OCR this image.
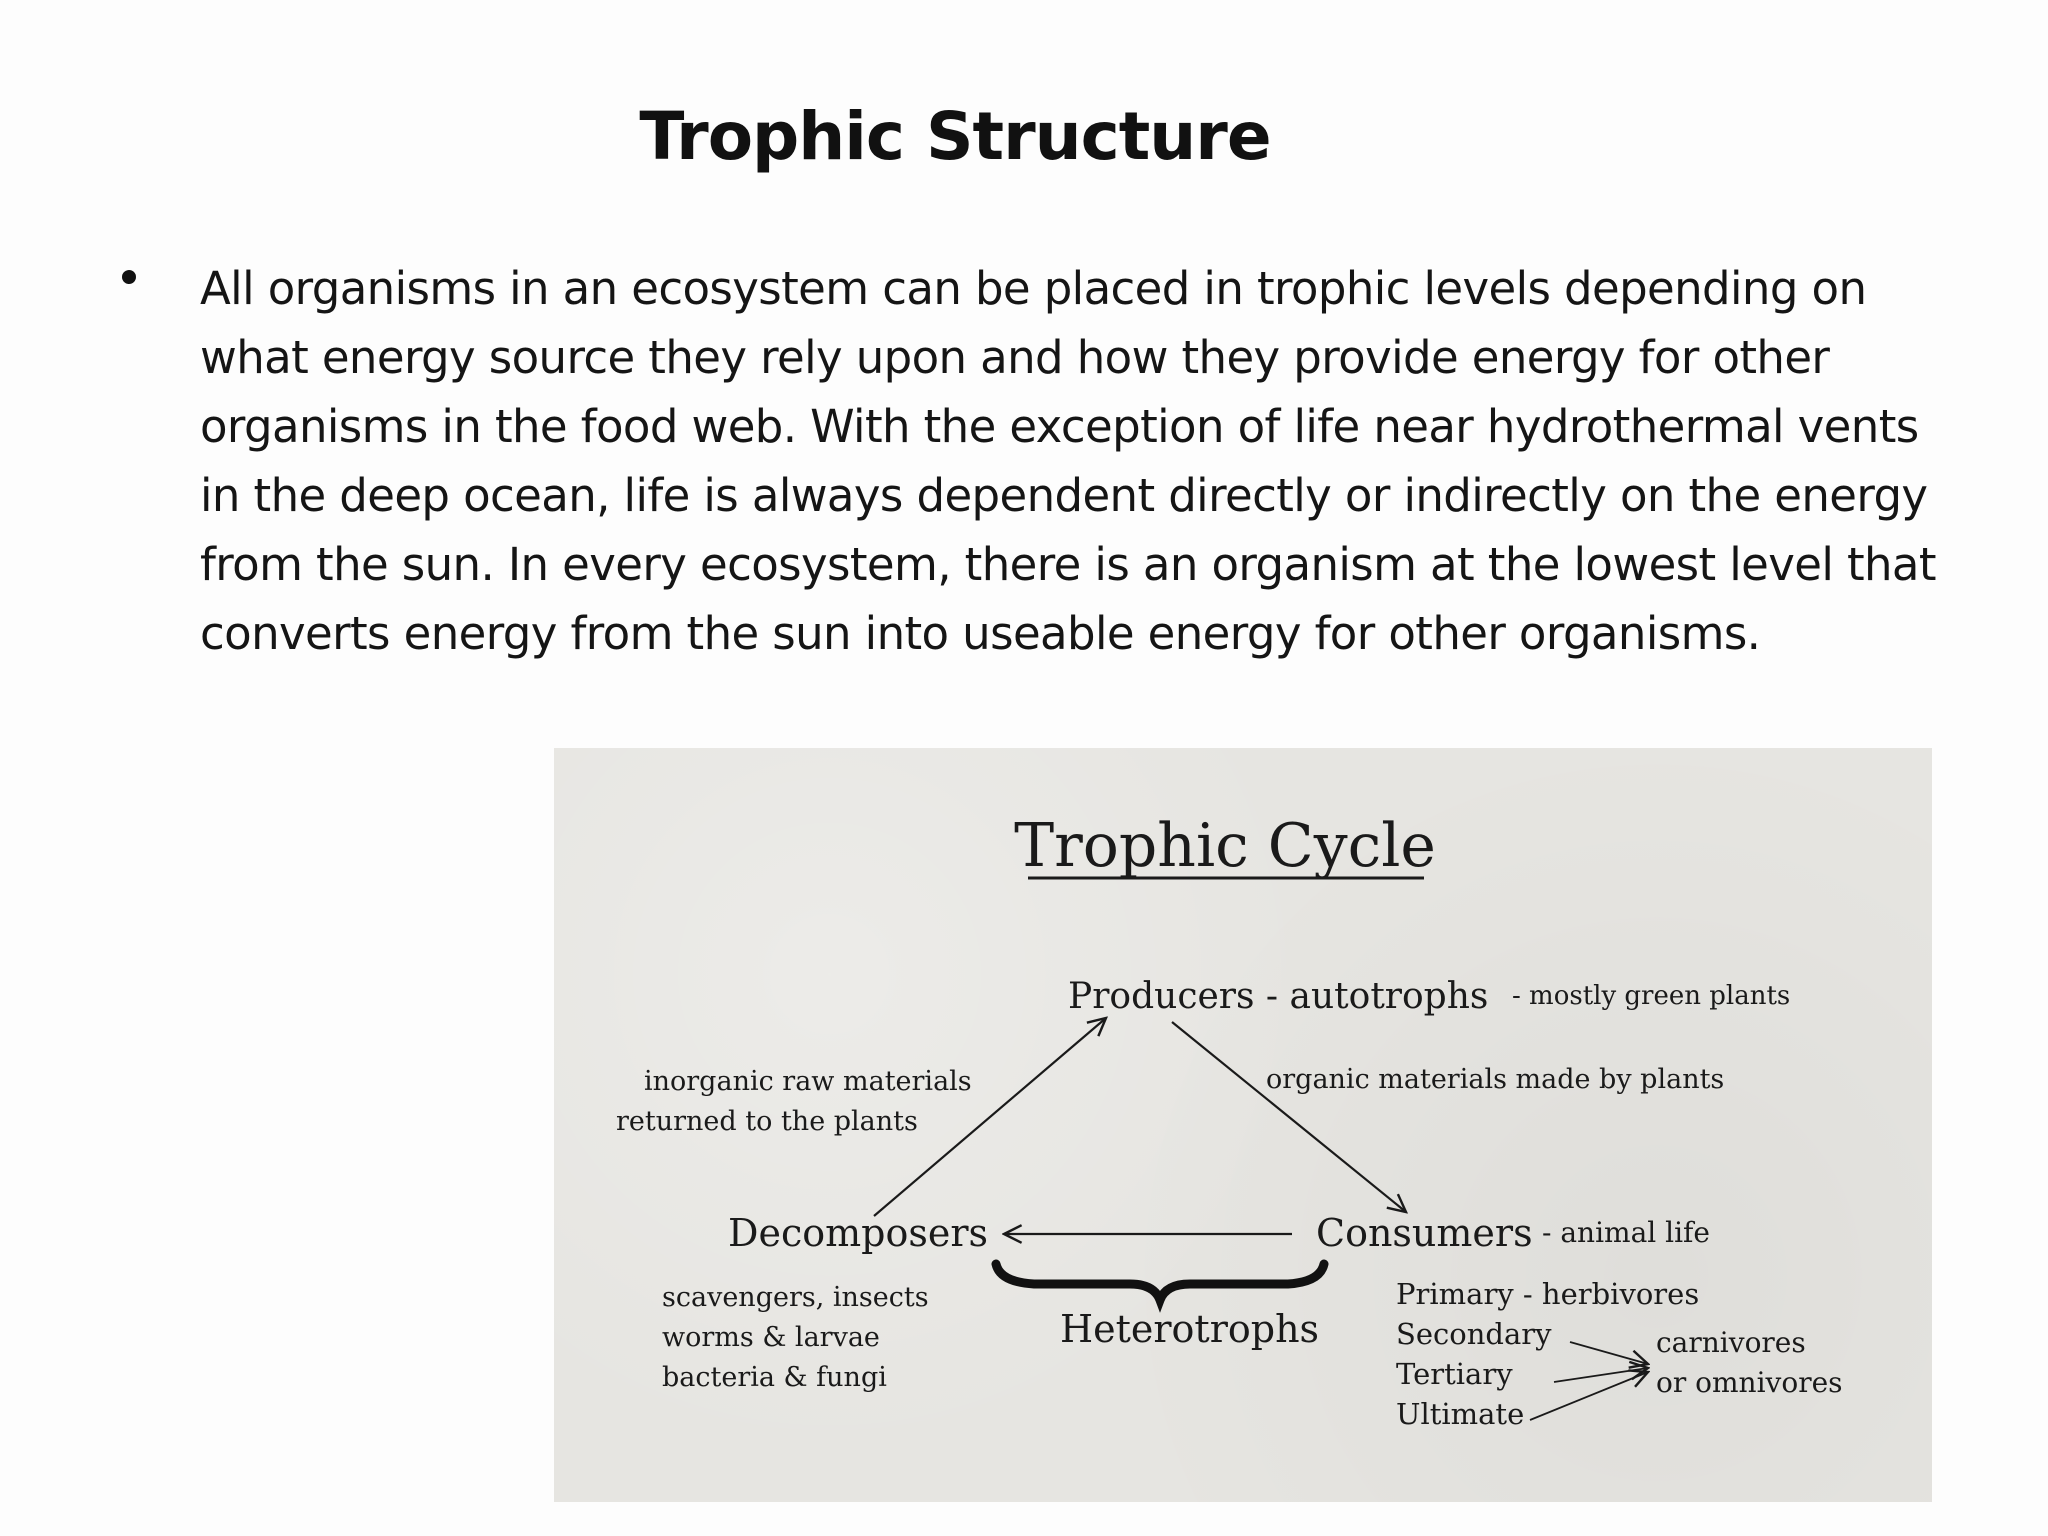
Trophic Structure

All organisms in an ecosystem can be placed in trophic levels depending on what energy source they rely upon and how they provide energy for other organisms in the food web. With the exception of life near hydrothermal vents in the deep ocean, life is always dependent directly or indirectly on the energy from the sun. In every ecosystem, there is an organism at the lowest level that converts energy from the sun into useable energy for other organisms.

Trophic Cycle
Producers - autotrophs - mostly green plants
inorganic raw materials
returned to the plants
organic materials made by plants
Decomposers	Consumers - animal life
Heterotrophs
scavengers, insects
worms & larvae
bacteria & fungi
Primary - herbivores
Secondary
Tertiary
Ultimate
carnivores
or omnivores
